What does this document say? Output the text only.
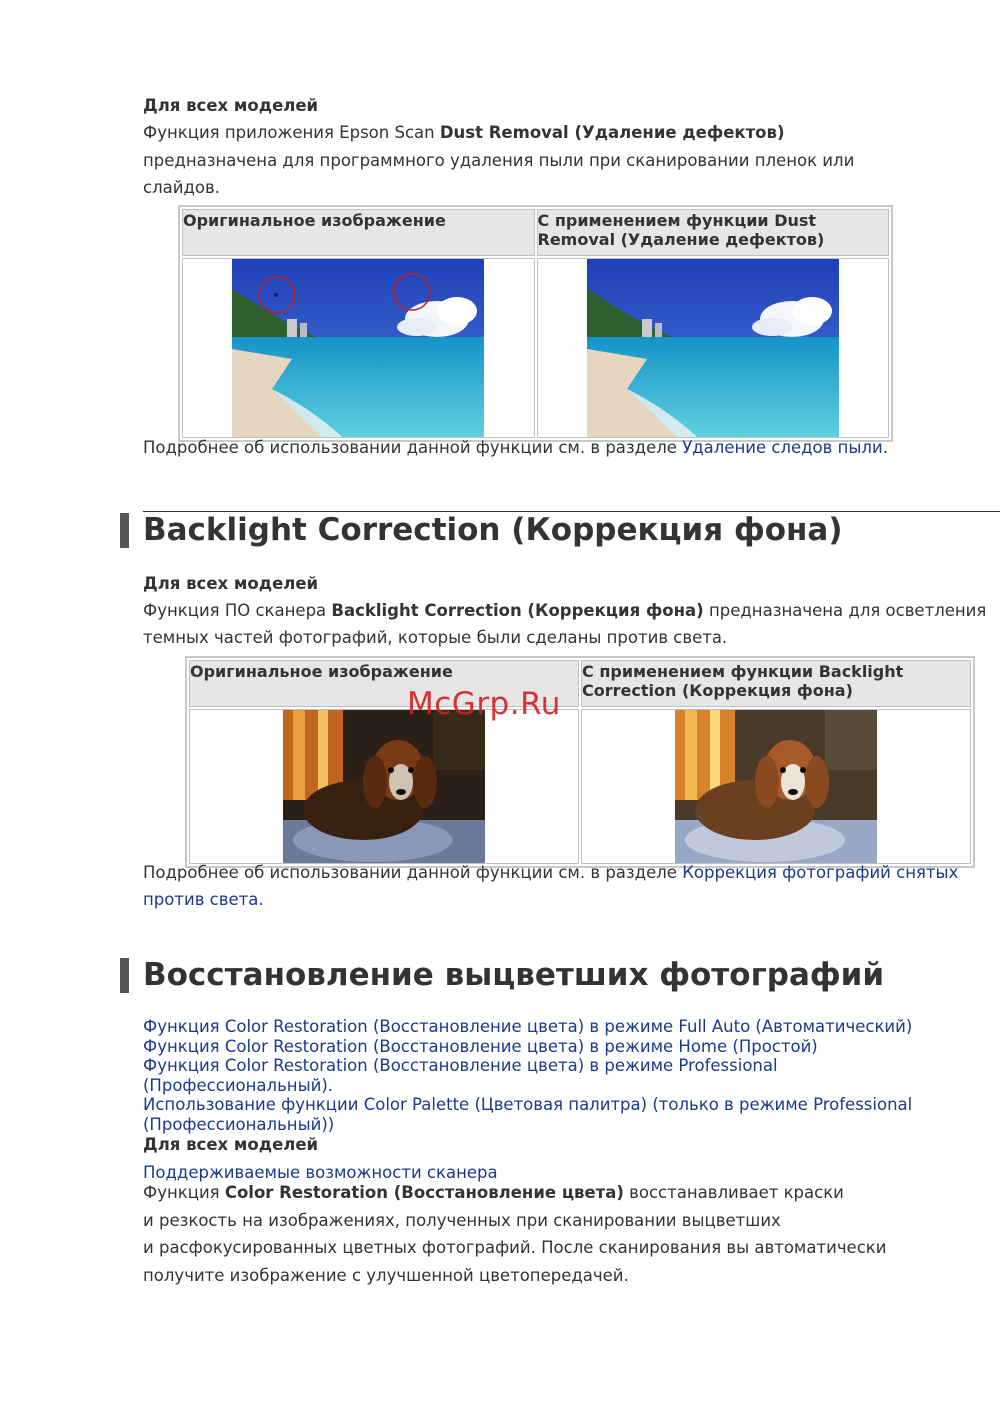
Для всех моделей

Функция приложения Epson Scan Dust Removal (Удаление дефектов)

предназначена для программного удаления пыли при сканировании пленок или

слайдов.

Оригинальное изображение	С применением функции Dust
Removal (Удаление дефектов)

Подробнее об использовании данной функции см. в разделе Удаление следов пыли.

Backlight Correction (Коррекция фона)

Для всех моделей

Функция ПО сканера Backlight Correction (Коррекция фона) предназначена для осветления

темных частей фотографий, которые были сделаны против света.

Оригинальное изображение	С применением функции Backlight
Correction (Коррекция фона)

Подробнее об использовании данной функции см. в разделе Коррекция фотографий снятых

против света.

Восстановление выцветших фотографий
Функция Color Restoration (Восстановление цвета) в режиме Full Auto (Автоматический)
Функция Color Restoration (Восстановление цвета) в режиме Home (Простой)
Функция Color Restoration (Восстановление цвета) в режиме Professional
(Профессиональный).
Использование функции Color Palette (Цветовая палитра) (только в режиме Professional
(Профессиональный))
Для всех моделей

Поддерживаемые возможности сканера

Функция Color Restoration (Восстановление цвета) восстанавливает краски

и резкость на изображениях, полученных при сканировании выцветших

и расфокусированных цветных фотографий. После сканирования вы автоматически

получите изображение с улучшенной цветопередачей.

McGrp.Ru
